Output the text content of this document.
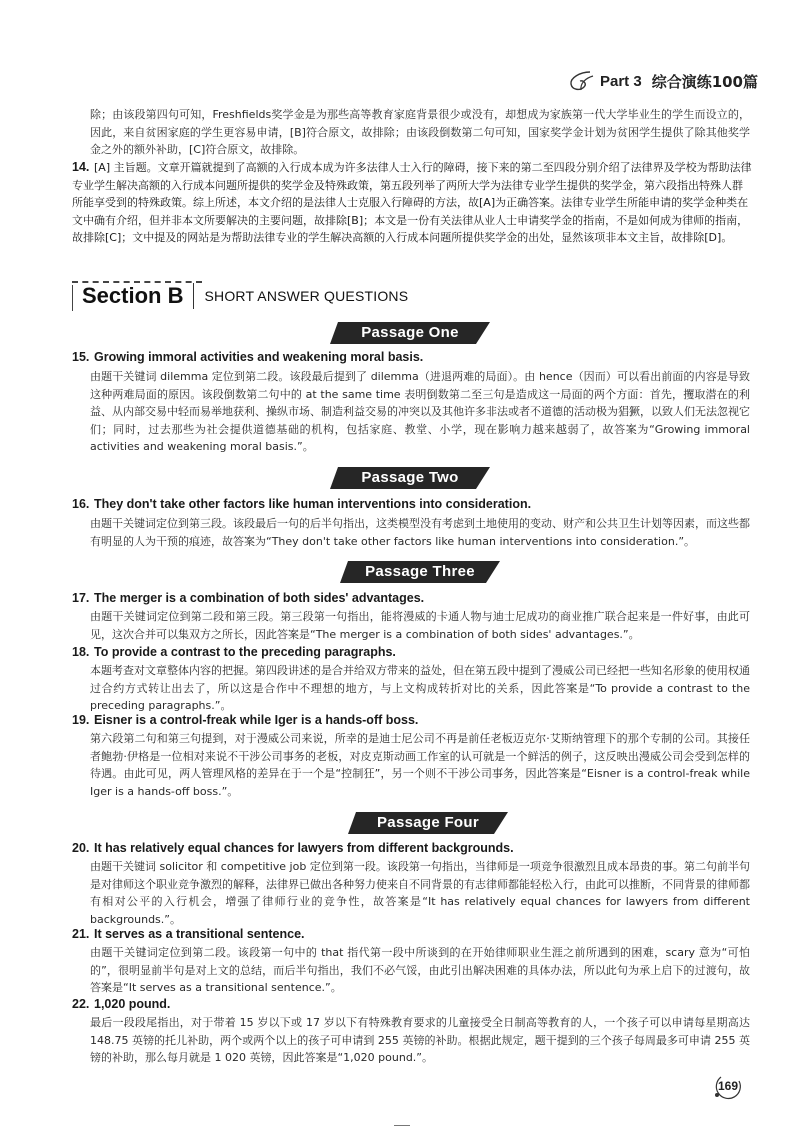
Part 3 综合演练100篇
除；由该段第四句可知，Freshfields奖学金是为那些高等教育家庭背景很少或没有，却想成为家族第一代大学毕业生的学生而设立的，因此，来自贫困家庭的学生更容易申请，[B]符合原文，故排除；由该段倒数第二句可知，国家奖学金计划为贫困学生提供了除其他奖学金之外的额外补助，[C]符合原文，故排除。
14. [A] 主旨题。文章开篇就提到了高额的入行成本成为许多法律人士入行的障碍，接下来的第二至四段分别介绍了法律界及学校为帮助法律专业学生解决高额的入行成本问题所提供的奖学金及特殊政策，第五段列举了两所大学为法律专业学生提供的奖学金，第六段指出特殊人群所能享受到的特殊政策。综上所述，本文介绍的是法律人士克服入行障碍的方法，故[A]为正确答案。法律专业学生所能申请的奖学金种类在文中确有介绍，但并非本文所要解决的主要问题，故排除[B]；本文是一份有关法律从业人士申请奖学金的指南，不是如何成为律师的指南，故排除[C]；文中提及的网站是为帮助法律专业的学生解决高额的入行成本问题所提供奖学金的出处，显然该项非本文主旨，故排除[D]。
Section B	SHORT ANSWER QUESTIONS
Passage One
15. Growing immoral activities and weakening moral basis.
由题干关键词 dilemma 定位到第二段。该段最后提到了 dilemma（进退两难的局面）。由 hence（因而）可以看出前面的内容是导致这种两难局面的原因。该段倒数第二句中的 at the same time 表明倒数第二至三句是造成这一局面的两个方面：首先，攫取潜在的利益、从内部交易中轻而易举地获利、操纵市场、制造利益交易的冲突以及其他许多非法或者不道德的活动极为猖獗，以致人们无法忽视它们；同时，过去那些为社会提供道德基础的机构，包括家庭、教堂、小学，现在影响力越来越弱了，故答案为“Growing immoral activities and weakening moral basis.”。
Passage Two
16. They don't take other factors like human interventions into consideration.
由题干关键词定位到第三段。该段最后一句的后半句指出，这类模型没有考虑到土地使用的变动、财产和公共卫生计划等因素，而这些都有明显的人为干预的痕迹，故答案为“They don't take other factors like human interventions into consideration.”。
Passage Three
17. The merger is a combination of both sides' advantages.
由题干关键词定位到第二段和第三段。第三段第一句指出，能将漫威的卡通人物与迪士尼成功的商业推广联合起来是一件好事，由此可见，这次合并可以集双方之所长，因此答案是“The merger is a combination of both sides' advantages.”。
18. To provide a contrast to the preceding paragraphs.
本题考查对文章整体内容的把握。第四段讲述的是合并给双方带来的益处，但在第五段中提到了漫威公司已经把一些知名形象的使用权通过合约方式转让出去了，所以这是合作中不理想的地方，与上文构成转折对比的关系，因此答案是“To provide a contrast to the preceding paragraphs.”。
19. Eisner is a control-freak while Iger is a hands-off boss.
第六段第二句和第三句提到，对于漫威公司来说，所幸的是迪士尼公司不再是前任老板迈克尔·艾斯纳管理下的那个专制的公司。其接任者鲍勃·伊格是一位相对来说不干涉公司事务的老板，对皮克斯动画工作室的认可就是一个鲜活的例子，这反映出漫威公司会受到怎样的待遇。由此可见，两人管理风格的差异在于一个是“控制狂”，另一个则不干涉公司事务，因此答案是“Eisner is a control-freak while Iger is a hands-off boss.”。
Passage Four
20. It has relatively equal chances for lawyers from different backgrounds.
由题干关键词 solicitor 和 competitive job 定位到第一段。该段第一句指出，当律师是一项竞争很激烈且成本昂贵的事。第二句前半句是对律师这个职业竞争激烈的解释，法律界已做出各种努力使来自不同背景的有志律师都能轻松入行，由此可以推断，不同背景的律师都有相对公平的入行机会，增强了律师行业的竞争性，故答案是“It has relatively equal chances for lawyers from different backgrounds.”。
21. It serves as a transitional sentence.
由题干关键词定位到第二段。该段第一句中的 that 指代第一段中所谈到的在开始律师职业生涯之前所遇到的困难，scary 意为“可怕的”，很明显前半句是对上文的总结，而后半句指出，我们不必气馁，由此引出解决困难的具体办法，所以此句为承上启下的过渡句，故答案是“It serves as a transitional sentence.”。
22. 1,020 pound.
最后一段段尾指出，对于带着 15 岁以下或 17 岁以下有特殊教育要求的儿童接受全日制高等教育的人，一个孩子可以申请每星期高达 148.75 英镑的托儿补助，两个或两个以上的孩子可申请到 255 英镑的补助。根据此规定，题干提到的三个孩子每周最多可申请 255 英镑的补助，那么每月就是 1 020 英镑，因此答案是“1,020 pound.”。
169
